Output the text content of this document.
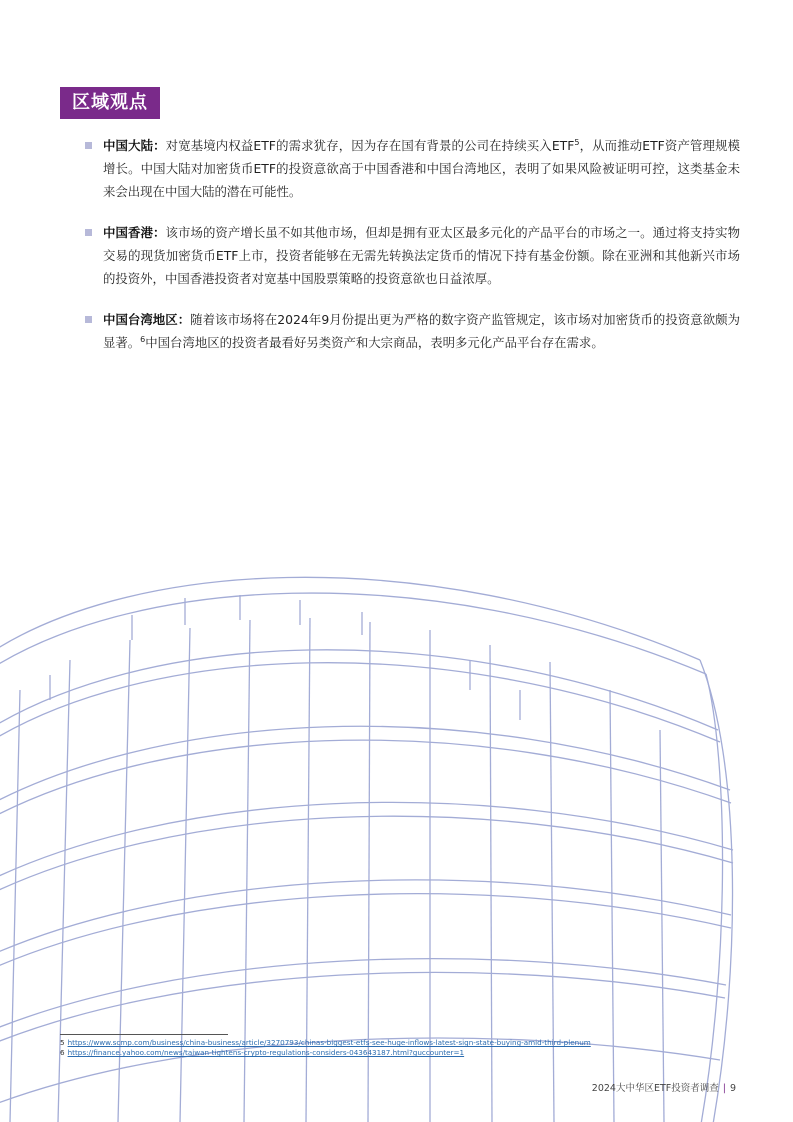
区域观点
中国大陆：对宽基境内权益ETF的需求犹存，因为存在国有背景的公司在持续买入ETF$^5$，从而推动ETF资产管理规模增长。中国大陆对加密货币ETF的投资意欲高于中国香港和中国台湾地区，表明了如果风险被证明可控，这类基金未来会出现在中国大陆的潜在可能性。
中国香港：该市场的资产增长虽不如其他市场，但却是拥有亚太区最多元化的产品平台的市场之一。通过将支持实物交易的现货加密货币ETF上市，投资者能够在无需先转换法定货币的情况下持有基金份额。除在亚洲和其他新兴市场的投资外，中国香港投资者对宽基中国股票策略的投资意欲也日益浓厚。
中国台湾地区：随着该市场将在2024年9月份提出更为严格的数字资产监管规定，该市场对加密货币的投资意欲颇为显著。$^6$中国台湾地区的投资者最看好另类资产和大宗商品，表明多元化产品平台存在需求。
5 https://www.scmp.com/business/china-business/article/3270793/chinas-biggest-etfs-see-huge-inflows-latest-sign-state-buying-amid-third-plenum
6 https://finance.yahoo.com/news/taiwan-tightens-crypto-regulations-considers-043643187.html?guccounter=1
2024大中华区ETF投资者调查 | 9
